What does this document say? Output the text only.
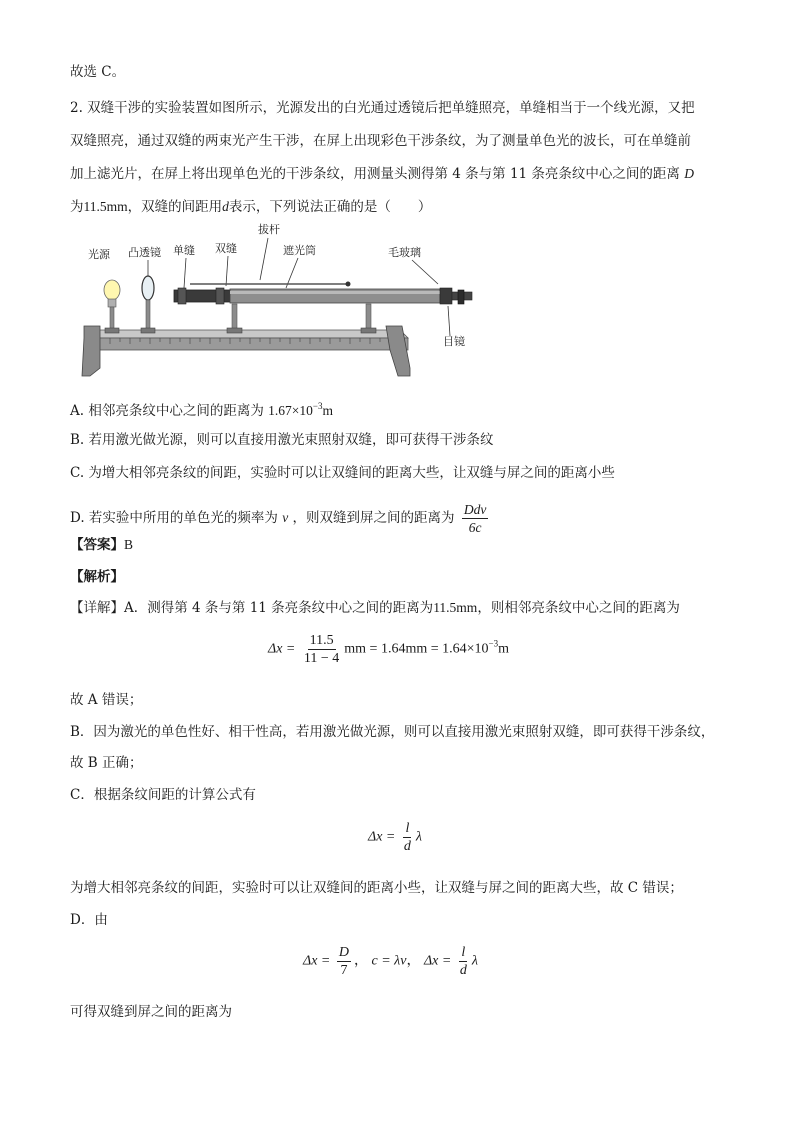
故选 C。
2. 双缝干涉的实验装置如图所示，光源发出的白光通过透镜后把单缝照亮，单缝相当于一个线光源，又把
双缝照亮，通过双缝的两束光产生干涉，在屏上出现彩色干涉条纹，为了测量单色光的波长，可在单缝前
加上滤光片，在屏上将出现单色光的干涉条纹，用测量头测得第 4 条与第 11 条亮条纹中心之间的距离 D
为11.5mm，双缝的间距用d表示，下列说法正确的是（　　）
拔杆
光源 凸透镜 单缝 双缝	遮光筒	毛玻璃
目镜
A. 相邻亮条纹中心之间的距离为 $1.67\times 10^{-3}m$
B. 若用激光做光源，则可以直接用激光束照射双缝，即可获得干涉条纹
C. 为增大相邻亮条纹的间距，实验时可以让双缝间的距离大些，让双缝与屏之间的距离小些
D. 若实验中所用的单色光的频率为 ν ，则双缝到屏之间的距离为 $\frac{\text{Ddν}}{6c}$
【答案】B
【解析】
【详解】A．测得第 4 条与第 11 条亮条纹中心之间的距离为11.5mm，则相邻亮条纹中心之间的距离为
$\Delta x = \frac{11.5}{11 - 4}$ mm = $1.64mm = 1.64\times 10^{-3}m$
故 A 错误；
B．因为激光的单色性好、相干性高，若用激光做光源，则可以直接用激光束照射双缝，即可获得干涉条纹，
故 B 正确；
C．根据条纹间距的计算公式有
$\Delta x = \frac{l}{d}$ λ
为增大相邻亮条纹的间距，实验时可以让双缝间的距离小些，让双缝与屏之间的距离大些，故 C 错误；
D．由
$\Delta x = \frac{D}{7}$ ， c = λν， $\Delta x = \frac{l}{d}$ λ
可得双缝到屏之间的距离为
